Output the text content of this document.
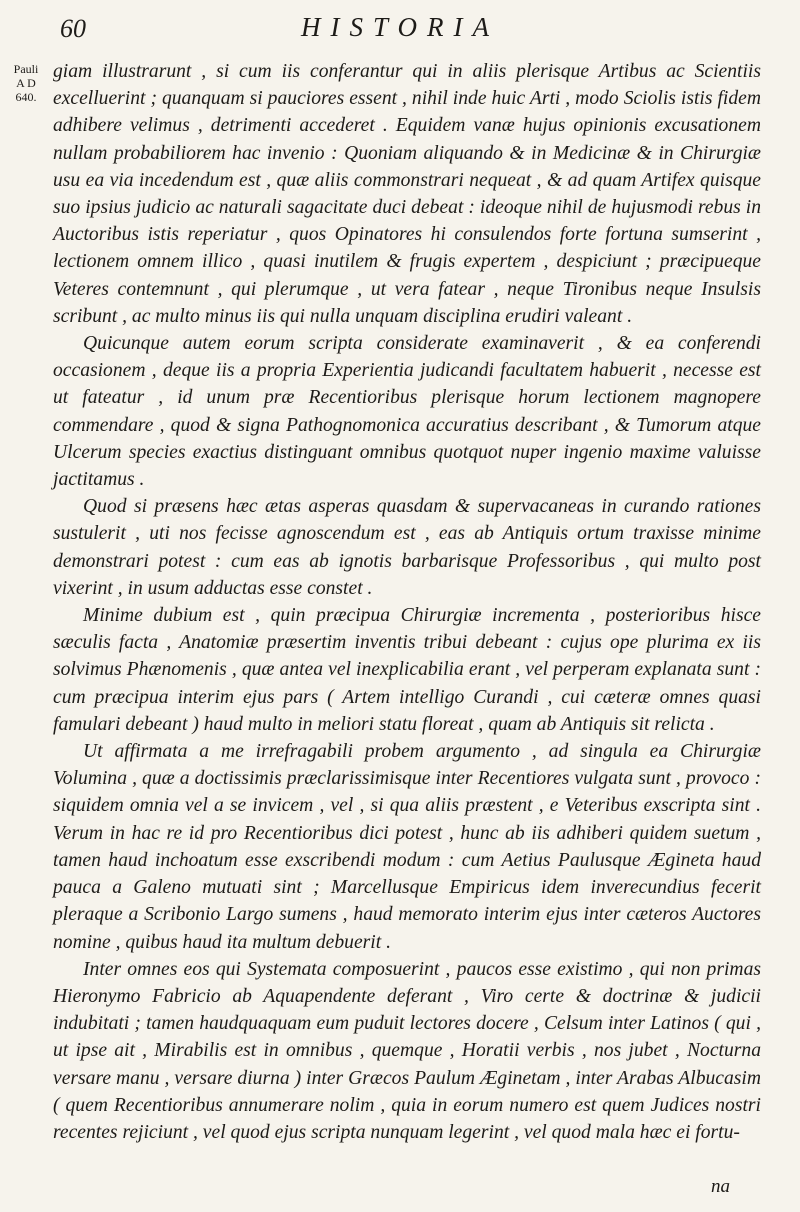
60	HISTORIA
Pauli
A D
640.

giam illustrarunt , si cum iis conferantur qui in aliis plerisque Artibus ac Scientiis excelluerint ; quanquam si pauciores essent , nihil inde huic Arti , modo Sciolis istis fidem adhibere velimus , detrimenti accederet . Equidem vanæ hujus opinionis excusationem nullam probabiliorem hac invenio : Quoniam aliquando & in Medicinæ & in Chirurgiæ usu ea via incedendum est , quæ aliis commonstrari nequeat , & ad quam Artifex quisque suo ipsius judicio ac naturali sagacitate duci debeat : ideoque nihil de hujusmodi rebus in Auctoribus istis reperiatur , quos Opinatores hi consulendos forte fortuna sumserint , lectionem omnem illico , quasi inutilem & frugis expertem , despiciunt ; præcipueque Veteres contemnunt , qui plerumque , ut vera fatear , neque Tironibus neque Insulsis scribunt , ac multo minus iis qui nulla unquam disciplina erudiri valeant .

Quicunque autem eorum scripta considerate examinaverit , & ea conferendi occasionem , deque iis a propria Experientia judicandi facultatem habuerit , necesse est ut fateatur , id unum præ Recentioribus plerisque horum lectionem magnopere commendare , quod & signa Pathognomonica accuratius describant , & Tumorum atque Ulcerum species exactius distinguant omnibus quotquot nuper ingenio maxime valuisse jactitamus .

Quod si præsens hæc ætas asperas quasdam & supervacaneas in curando rationes sustulerit , uti nos fecisse agnoscendum est , eas ab Antiquis ortum traxisse minime demonstrari potest : cum eas ab ignotis barbarisque Professoribus , qui multo post vixerint , in usum adductas esse constet .

Minime dubium est , quin præcipua Chirurgiæ incrementa , posterioribus hisce sæculis facta , Anatomiæ præsertim inventis tribui debeant : cujus ope plurima ex iis solvimus Phænomenis , quæ antea vel inexplicabilia erant , vel perperam explanata sunt : cum præcipua interim ejus pars ( Artem intelligo Curandi , cui cæteræ omnes quasi famulari debeant ) haud multo in meliori statu floreat , quam ab Antiquis sit relicta .

Ut affirmata a me irrefragabili probem argumento , ad singula ea Chirurgiæ Volumina , quæ a doctissimis præclarissimisque inter Recentiores vulgata sunt , provoco : siquidem omnia vel a se invicem , vel , si qua aliis præstent , e Veteribus exscripta sint . Verum in hac re id pro Recentioribus dici potest , hunc ab iis adhiberi quidem suetum , tamen haud inchoatum esse exscribendi modum : cum Aetius Paulusque Ægineta haud pauca a Galeno mutuati sint ; Marcellusque Empiricus idem inverecundius fecerit pleraque a Scribonio Largo sumens , haud memorato interim ejus inter cæteros Auctores nomine , quibus haud ita multum debuerit .

Inter omnes eos qui Systemata composuerint , paucos esse existimo , qui non primas Hieronymo Fabricio ab Aquapendente deferant , Viro certe & doctrinæ & judicii indubitati ; tamen haudquaquam eum puduit lectores docere , Celsum inter Latinos ( qui , ut ipse ait , Mirabilis est in omnibus , quemque , Horatii verbis , nos jubet , Nocturna versare manu , versare diurna ) inter Græcos Paulum Æginetam , inter Arabas Albucasim ( quem Recentioribus annumerare nolim , quia in eorum numero est quem Judices nostri recentes rejiciunt , vel quod ejus scripta nunquam legerint , vel quod mala hæc ei fortu-

na
